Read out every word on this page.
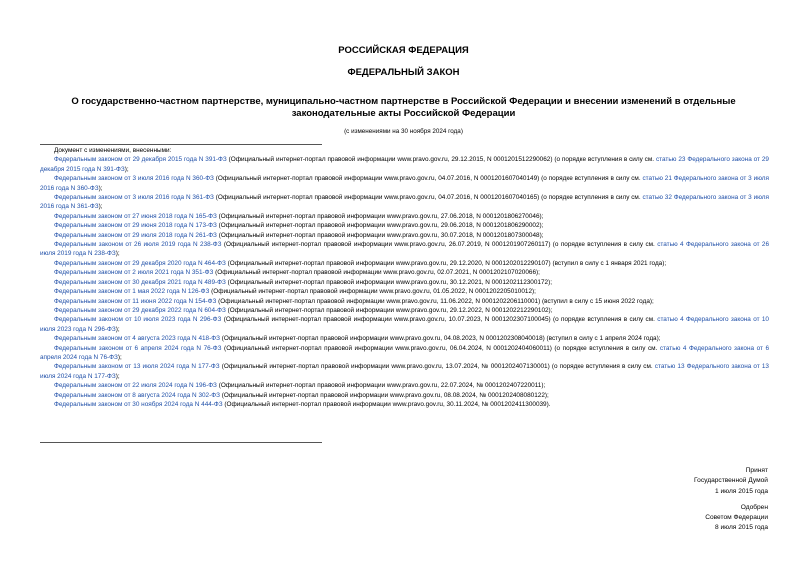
РОССИЙСКАЯ ФЕДЕРАЦИЯ
ФЕДЕРАЛЬНЫЙ ЗАКОН
О государственно-частном партнерстве, муниципально-частном партнерстве в Российской Федерации и внесении изменений в отдельные законодательные акты Российской Федерации
(с изменениями на 30 ноября 2024 года)
Документ с изменениями, внесенными:
Федеральным законом от 29 декабря 2015 года N 391-ФЗ (Официальный интернет-портал правовой информации www.pravo.gov.ru, 29.12.2015, N 0001201512290062) (о порядке вступления в силу см. статью 23 Федерального закона от 29 декабря 2015 года N 391-ФЗ);
Федеральным законом от 3 июля 2016 года N 360-ФЗ (Официальный интернет-портал правовой информации www.pravo.gov.ru, 04.07.2016, N 0001201607040149) (о порядке вступления в силу см. статью 21 Федерального закона от 3 июля 2016 года N 360-ФЗ);
Федеральным законом от 3 июля 2016 года N 361-ФЗ (Официальный интернет-портал правовой информации www.pravo.gov.ru, 04.07.2016, N 0001201607040165) (о порядке вступления в силу см. статью 32 Федерального закона от 3 июля 2016 года N 361-ФЗ);
Федеральным законом от 27 июня 2018 года N 165-ФЗ (Официальный интернет-портал правовой информации www.pravo.gov.ru, 27.06.2018, N 0001201806270046);
Федеральным законом от 29 июня 2018 года N 173-ФЗ (Официальный интернет-портал правовой информации www.pravo.gov.ru, 29.06.2018, N 0001201806290002);
Федеральным законом от 29 июля 2018 года N 261-ФЗ (Официальный интернет-портал правовой информации www.pravo.gov.ru, 30.07.2018, N 0001201807300048);
Федеральным законом от 26 июля 2019 года N 238-ФЗ (Официальный интернет-портал правовой информации www.pravo.gov.ru, 26.07.2019, N 0001201907260117) (о порядке вступления в силу см. статью 4 Федерального закона от 26 июля 2019 года N 238-ФЗ);
Федеральным законом от 29 декабря 2020 года N 464-ФЗ (Официальный интернет-портал правовой информации www.pravo.gov.ru, 29.12.2020, N 0001202012290107) (вступил в силу с 1 января 2021 года);
Федеральным законом от 2 июля 2021 года N 351-ФЗ (Официальный интернет-портал правовой информации www.pravo.gov.ru, 02.07.2021, N 0001202107020066);
Федеральным законом от 30 декабря 2021 года N 489-ФЗ (Официальный интернет-портал правовой информации www.pravo.gov.ru, 30.12.2021, N 0001202112300172);
Федеральным законом от 1 мая 2022 года N 126-ФЗ (Официальный интернет-портал правовой информации www.pravo.gov.ru, 01.05.2022, N 0001202205010012);
Федеральным законом от 11 июня 2022 года N 154-ФЗ (Официальный интернет-портал правовой информации www.pravo.gov.ru, 11.06.2022, N 0001202206110001) (вступил в силу с 15 июня 2022 года);
Федеральным законом от 29 декабря 2022 года N 604-ФЗ (Официальный интернет-портал правовой информации www.pravo.gov.ru, 29.12.2022, N 0001202212290102);
Федеральным законом от 10 июля 2023 года N 296-ФЗ (Официальный интернет-портал правовой информации www.pravo.gov.ru, 10.07.2023, N 0001202307100045) (о порядке вступления в силу см. статью 4 Федерального закона от 10 июля 2023 года N 296-ФЗ);
Федеральным законом от 4 августа 2023 года N 418-ФЗ (Официальный интернет-портал правовой информации www.pravo.gov.ru, 04.08.2023, N 0001202308040018) (вступил в силу с 1 апреля 2024 года);
Федеральным законом от 6 апреля 2024 года N 76-ФЗ (Официальный интернет-портал правовой информации www.pravo.gov.ru, 06.04.2024, N 0001202404060011) (о порядке вступления в силу см. статью 4 Федерального закона от 6 апреля 2024 года N 76-ФЗ);
Федеральным законом от 13 июля 2024 года N 177-ФЗ (Официальный интернет-портал правовой информации www.pravo.gov.ru, 13.07.2024, № 0001202407130001) (о порядке вступления в силу см. статью 13 Федерального закона от 13 июля 2024 года N 177-ФЗ);
Федеральным законом от 22 июля 2024 года N 196-ФЗ (Официальный интернет-портал правовой информации www.pravo.gov.ru, 22.07.2024, № 0001202407220011);
Федеральным законом от 8 августа 2024 года N 302-ФЗ (Официальный интернет-портал правовой информации www.pravo.gov.ru, 08.08.2024, № 0001202408080122);
Федеральным законом от 30 ноября 2024 года N 444-ФЗ (Официальный интернет-портал правовой информации www.pravo.gov.ru, 30.11.2024, № 0001202411300039).
Принят
Государственной Думой
1 июля 2015 года
Одобрен
Советом Федерации
8 июля 2015 года
